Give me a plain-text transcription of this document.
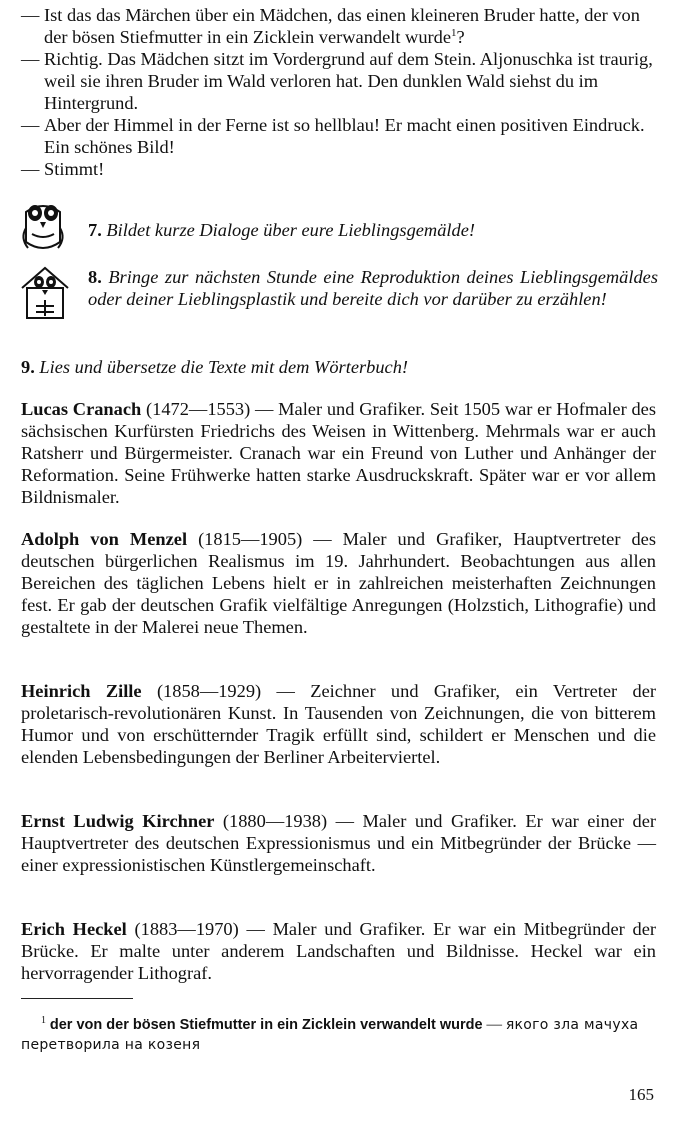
— Ist das das Märchen über ein Mädchen, das einen kleineren Bruder hatte, der von der bösen Stiefmutter in ein Zicklein verwandelt wurde$^1$?
— Richtig. Das Mädchen sitzt im Vordergrund auf dem Stein. Aljonuschka ist traurig, weil sie ihren Bruder im Wald verloren hat. Den dunklen Wald siehst du im Hintergrund.
— Aber der Himmel in der Ferne ist so hellblau! Er macht einen positiven Eindruck. Ein schönes Bild!
— Stimmt!
7. Bildet kurze Dialoge über eure Lieblingsgemälde!
8. Bringe zur nächsten Stunde eine Reproduktion deines Lieblingsgemäldes oder deiner Lieblingsplastik und bereite dich vor darüber zu erzählen!
9. Lies und übersetze die Texte mit dem Wörterbuch!
Lucas Cranach (1472—1553) — Maler und Grafiker. Seit 1505 war er Hofmaler des sächsischen Kurfürsten Friedrichs des Weisen in Wittenberg. Mehrmals war er auch Ratsherr und Bürgermeister. Cranach war ein Freund von Luther und Anhänger der Reformation. Seine Frühwerke hatten starke Ausdruckskraft. Später war er vor allem Bildnismaler.
Adolph von Menzel (1815—1905) — Maler und Grafiker, Hauptvertreter des deutschen bürgerlichen Realismus im 19. Jahrhundert. Beobachtungen aus allen Bereichen des täglichen Lebens hielt er in zahlreichen meisterhaften Zeichnungen fest. Er gab der deutschen Grafik vielfältige Anregungen (Holzstich, Lithografie) und gestaltete in der Malerei neue Themen.
Heinrich Zille (1858—1929) — Zeichner und Grafiker, ein Vertreter der proletarisch-revolutionären Kunst. In Tausenden von Zeichnungen, die von bitterem Humor und von erschütternder Tragik erfüllt sind, schildert er Menschen und die elenden Lebensbedingungen der Berliner Arbeiterviertel.
Ernst Ludwig Kirchner (1880—1938) — Maler und Grafiker. Er war einer der Hauptvertreter des deutschen Expressionismus und ein Mitbegründer der Brücke — einer expressionistischen Künstlergemeinschaft.
Erich Heckel (1883—1970) — Maler und Grafiker. Er war ein Mitbegründer der Brücke. Er malte unter anderem Landschaften und Bildnisse. Heckel war ein hervorragender Lithograf.
$^1$ der von der bösen Stiefmutter in ein Zicklein verwandelt wurde — якого зла мачуха перетворила на козеня
165
